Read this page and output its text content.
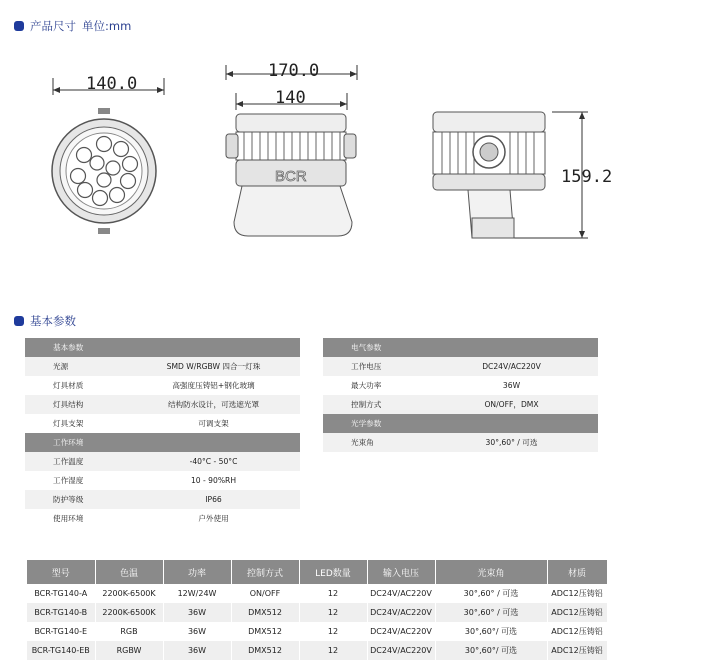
产品尺寸 单位:mm
140.0
170.0
140
BCR	159.2
基本参数
基本参数	
光源	SMD W/RGBW 四合一灯珠
灯具材质	高强度压铸铝+钢化玻璃
灯具结构	结构防水设计，可选遮光罩
灯具支架	可调支架
工作环境	
工作温度	-40°C - 50°C
工作湿度	10 - 90%RH
防护等级	IP66
使用环境	户外使用
电气参数	
工作电压	DC24V/AC220V
最大功率	36W
控制方式	ON/OFF，DMX
光学参数	
光束角	30°,60° / 可选
型号	色温	功率	控制方式	LED数量	输入电压	光束角	材质
BCR-TG140-A	2200K-6500K	12W/24W	ON/OFF	12	DC24V/AC220V	30°,60° / 可选	ADC12压铸铝
BCR-TG140-B	2200K-6500K	36W	DMX512	12	DC24V/AC220V	30°,60° / 可选	ADC12压铸铝
BCR-TG140-E	RGB	36W	DMX512	12	DC24V/AC220V	30°,60°/ 可选	ADC12压铸铝
BCR-TG140-EB	RGBW	36W	DMX512	12	DC24V/AC220V	30°,60°/ 可选	ADC12压铸铝
